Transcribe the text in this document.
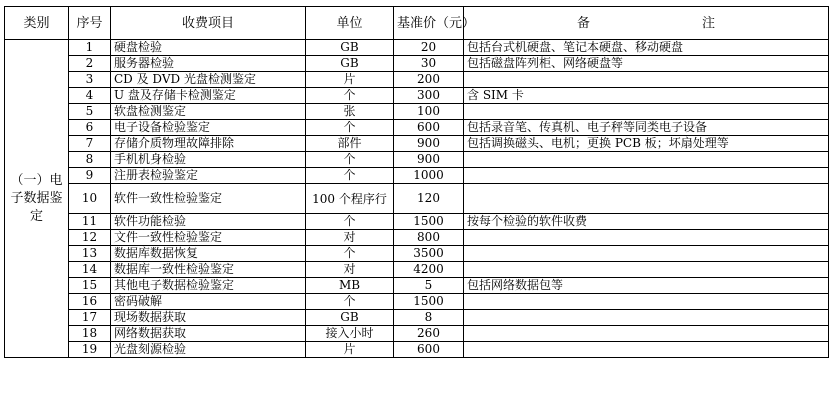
类别	序号	收费项目	单位	基准价（元）	备 注
（一）电子数据鉴定	1	硬盘检验	GB	20	包括台式机硬盘、笔记本硬盘、移动硬盘
	2	服务器检验	GB	30	包括磁盘阵列柜、网络硬盘等
	3	CD 及 DVD 光盘检测鉴定	片	200	
	4	U 盘及存储卡检测鉴定	个	300	含 SIM 卡
	5	软盘检测鉴定	张	100	
	6	电子设备检验鉴定	个	600	包括录音笔、传真机、电子秤等同类电子设备
	7	存储介质物理故障排除	部件	900	包括调换磁头、电机；更换 PCB 板；坏扇处理等
	8	手机机身检验	个	900	
	9	注册表检验鉴定	个	1000	
	10	软件一致性检验鉴定	100 个程序行	120	
	11	软件功能检验	个	1500	按每个检验的软件收费
	12	文件一致性检验鉴定	对	800	
	13	数据库数据恢复	个	3500	
	14	数据库一致性检验鉴定	对	4200	
	15	其他电子数据检验鉴定	MB	5	包括网络数据包等
	16	密码破解	个	1500	
	17	现场数据获取	GB	8	
	18	网络数据获取	接入小时	260	
	19	光盘刻源检验	片	600	
